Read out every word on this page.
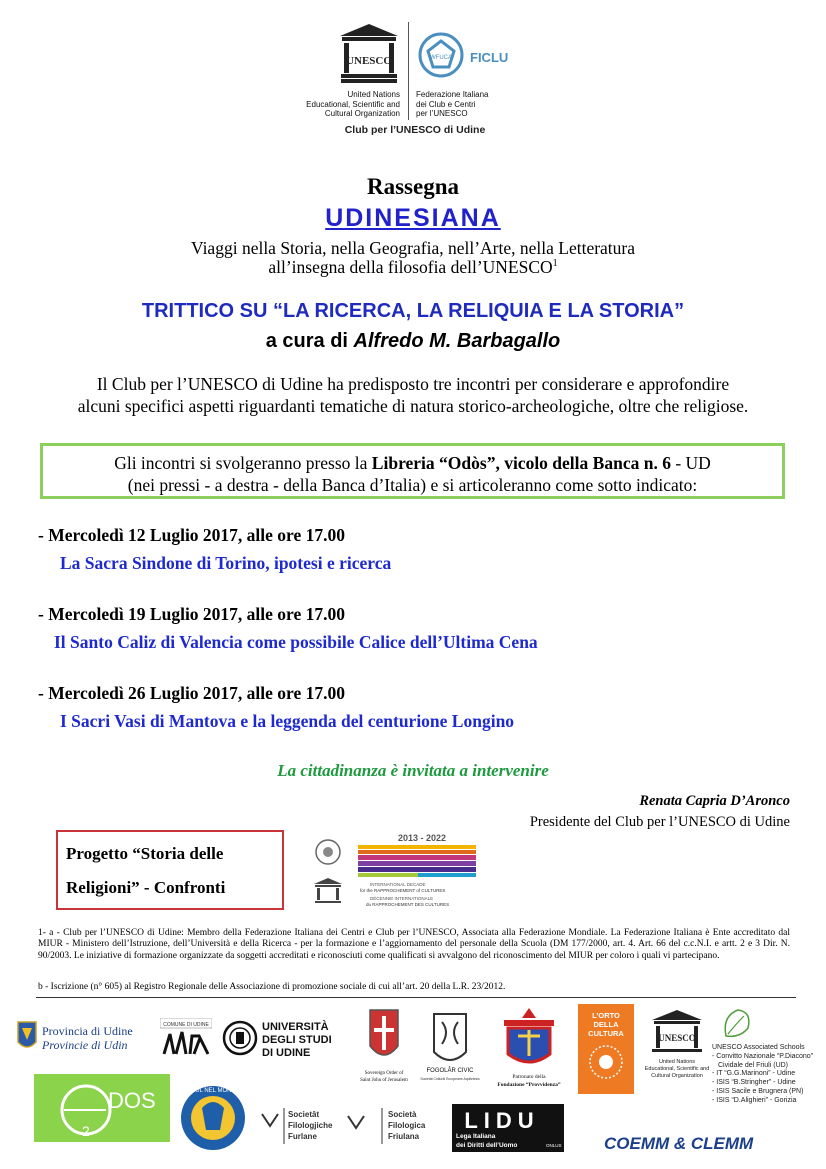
UNESCO	WFUCA FICLU
United Nations
Educational, Scientific and
Cultural Organization
Federazione Italiana
dei Club e Centri
per l’UNESCO
Club per l’UNESCO di Udine
Rassegna
UDINESIANA
Viaggi nella Storia, nella Geografia, nell’Arte, nella Letteratura
all’insegna della filosofia dell’UNESCO$^1$
TRITTICO SU “LA RICERCA, LA RELIQUIA E LA STORIA”
a cura di Alfredo M. Barbagallo
Il Club per l’UNESCO di Udine ha predisposto tre incontri per considerare e approfondire
alcuni specifici aspetti riguardanti tematiche di natura storico-archeologiche, oltre che religiose.
Gli incontri si svolgeranno presso la Libreria “Odòs”, vicolo della Banca n. 6 - UD
(nei pressi - a destra - della Banca d’Italia) e si articoleranno come sotto indicato:
- Mercoledì 12 Luglio 2017, alle ore 17.00
La Sacra Sindone di Torino, ipotesi e ricerca
- Mercoledì 19 Luglio 2017, alle ore 17.00
Il Santo Caliz di Valencia come possibile Calice dell’Ultima Cena
- Mercoledì 26 Luglio 2017, alle ore 17.00
I Sacri Vasi di Mantova e la leggenda del centurione Longino
La cittadinanza è invitata a intervenire
Renata Capria D’Aronco
Presidente del Club per l’UNESCO di Udine
Progetto “Storia delle
Religioni” - Confronti
2013 - 2022
INTERNATIONAL DECADE
for the RAPPROCHEMENT of CULTURES
DÉCENNIE INTERNATIONALE
du RAPPROCHEMENT DES CULTURES
1- a - Club per l’UNESCO di Udine: Membro della Federazione Italiana dei Centri e Club per l’UNESCO, Associata alla Federazione Mondiale. La Federazione Italiana è Ente accreditato dal MIUR - Ministero dell’Istruzione, dell’Università e della Ricerca - per la formazione e l’aggiornamento del personale della Scuola (DM 177/2000, art. 4. Art. 66 del c.c.N.I. e artt. 2 e 3 Dir. N. 90/2003. Le iniziative di formazione organizzate da soggetti accreditati e riconosciuti come qualificati si avvalgono del riconoscimento del MIUR per coloro i quali vi partecipano.
b - Iscrizione (n° 605) al Registro Regionale delle Associazione di promozione sociale di cui all’art. 20 della L.R. 23/2012.
Provincia di Udine
Provincie di Udin
COMUNE DI UDINE	UNIVERSITÀ
DEGLI STUDI
DI UDINE
Sovereign Order of
Saint John of Jerusalem
FOGOLÂR CIVIC
Societât Culturâl Europeane Aquileiesis	Patronato della
Fondazione “Provvidenza”
L’ORTO
DELLA
CULTURA	UNESCO
United Nations
Educational, Scientific and
Cultural Organization
UNESCO Associated Schools
- Convitto Nazionale “P.Diacono”
Cividale del Friuli (UD)
- IT “G.G.Marinoni” - Udine
- ISIS “B.Stringher” - Udine
- ISIS Sacile e Brugnera (PN)
- ISIS “D.Alighieri” - Gorizia
DOS
2
FRIUL NEL MONDO
Societât
Filologjiche
Furlane
Società
Filologica
Friulana
LIDU
Lega Italiana
dei Diritti dell’Uomo	ONLUS COEMM & CLEMM
